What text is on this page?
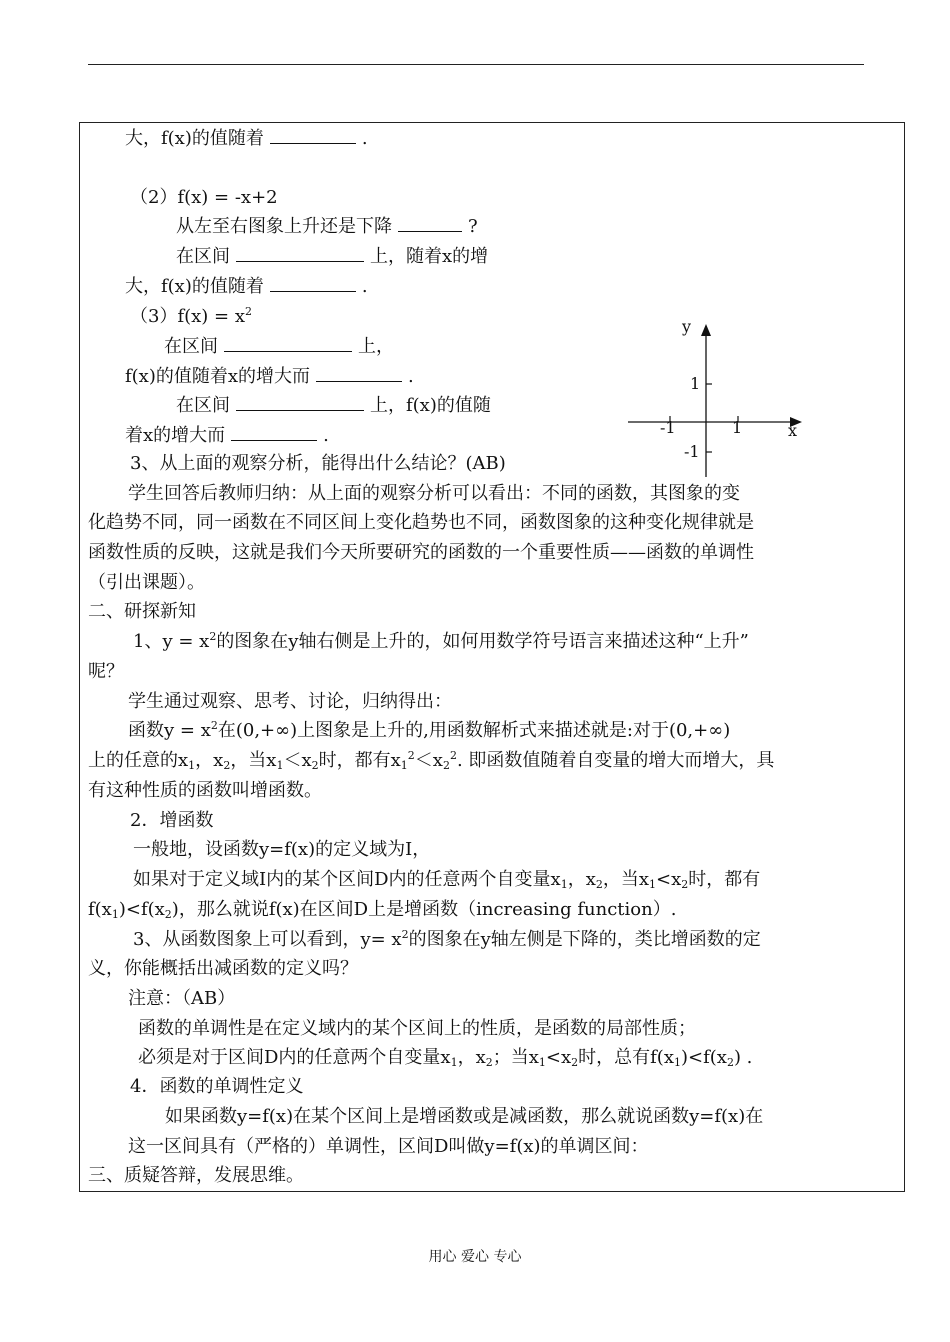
大，f(x)的值随着	.
（2）f(x) = -x+2
从左至右图象上升还是下降	?
在区间	上，随着x的增
大，f(x)的值随着	.
$(3)f(x) = x^2$
在区间	上，
f(x)的值随着x的增大而	.
在区间	上，f(x)的值随
着x的增大而	.
3、从上面的观察分析，能得出什么结论？(AB)
学生回答后教师归纳：从上面的观察分析可以看出：不同的函数，其图象的变
化趋势不同，同一函数在不同区间上变化趋势也不同，函数图象的这种变化规律就是
函数性质的反映，这就是我们今天所要研究的函数的一个重要性质——函数的单调性
（引出课题）。
二、研探新知
1、$y = x^2$的图象在y轴右侧是上升的，如何用数学符号语言来描述这种“上升”
呢？
学生通过观察、思考、讨论，归纳得出：
函数$y = x^2$在(0,+∞)上图象是上升的,用函数解析式来描述就是:对于(0,+∞)
上的任意的$x_1$，$x_2$，当$x_1<x_2$时，都有$x_1^2<x_2^2$. 即函数值随着自变量的增大而增大，具
有这种性质的函数叫增函数。
2．增函数
一般地，设函数y=f(x)的定义域为I，
如果对于定义域I内的某个区间D内的任意两个自变量$x_1$，$x_2$，当$x_1<x_2$时，都有
$f(x_1)<f(x_2)$，那么就说f(x)在区间D上是增函数（increasing function）.
3、从函数图象上可以看到，$y= x^2$的图象在y轴左侧是下降的，类比增函数的定
义，你能概括出减函数的定义吗？
注意：（AB）
函数的单调性是在定义域内的某个区间上的性质，是函数的局部性质；
必须是对于区间D内的任意两个自变量$x_1$，$x_2$；当$x_1<x_2$时，总有$f(x_1)<f(x_2)$ .
4．函数的单调性定义
如果函数y=f(x)在某个区间上是增函数或是减函数，那么就说函数y=f(x)在
这一区间具有（严格的）单调性，区间D叫做y=f(x)的单调区间：
三、质疑答辩，发展思维。
y
x
1
-1
-1	1
用心 爱心 专心
